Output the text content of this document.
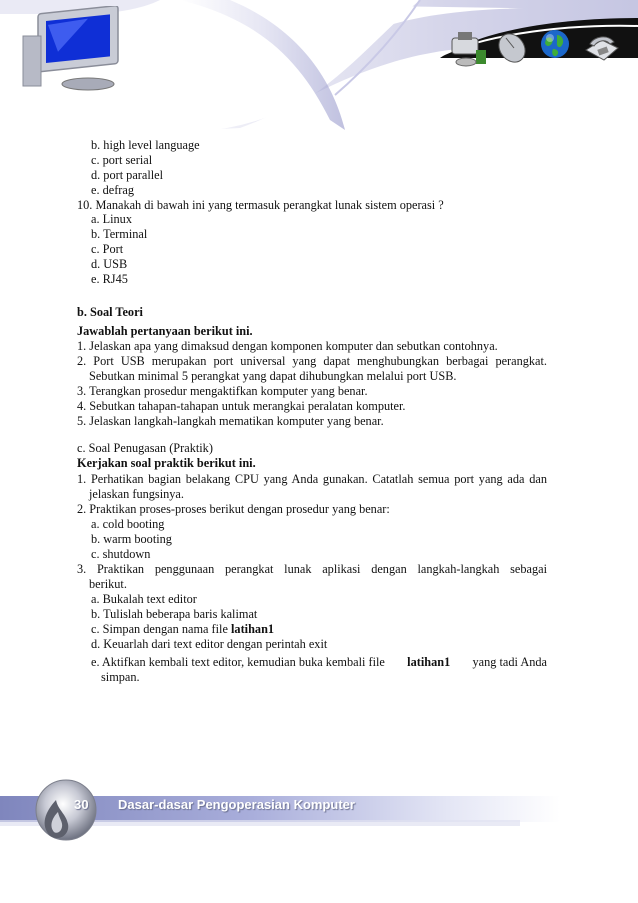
b. high level language
c. port serial
d. port parallel
e. defrag
10. Manakah di bawah ini yang termasuk perangkat lunak sistem operasi ?
a. Linux
b. Terminal
c. Port
d. USB
e. RJ45
b. Soal Teori
Jawablah pertanyaan berikut ini.
1. Jelaskan apa yang dimaksud dengan komponen komputer dan sebutkan contohnya.
2. Port USB merupakan port universal yang dapat menghubungkan berbagai perangkat.
Sebutkan minimal 5 perangkat yang dapat dihubungkan melalui port USB.
3. Terangkan prosedur mengaktifkan komputer yang benar.
4. Sebutkan tahapan-tahapan untuk merangkai peralatan komputer.
5. Jelaskan langkah-langkah mematikan komputer yang benar.
c. Soal Penugasan (Praktik)
Kerjakan soal praktik berikut ini.
1. Perhatikan bagian belakang CPU yang Anda gunakan. Catatlah semua port yang ada dan
jelaskan fungsinya.
2. Praktikan proses-proses berikut dengan prosedur yang benar:
a. cold booting
b. warm booting
c. shutdown
3. Praktikan penggunaan perangkat lunak aplikasi dengan langkah-langkah sebagai
berikut.
a. Bukalah text editor
b. Tulislah beberapa baris kalimat
c. Simpan dengan nama file latihan1
d. Keuarlah dari text editor dengan perintah exit
e. Aktifkan kembali text editor, kemudian buka kembali file latihan1 yang tadi Anda
simpan.
30 Dasar-dasar Pengoperasian Komputer
